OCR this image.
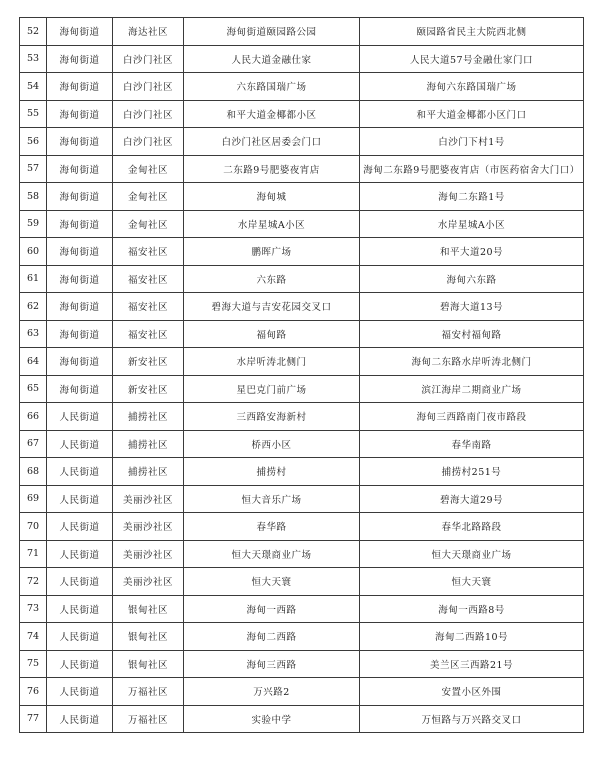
52	海甸街道	海达社区	海甸街道颐园路公园	颐园路省民主大院西北侧
53	海甸街道	白沙门社区	人民大道金融仕家	人民大道57号金融仕家门口
54	海甸街道	白沙门社区	六东路国瑞广场	海甸六东路国瑞广场
55	海甸街道	白沙门社区	和平大道金椰都小区	和平大道金椰都小区门口
56	海甸街道	白沙门社区	白沙门社区居委会门口	白沙门下村1号
57	海甸街道	金甸社区	二东路9号肥婆夜宵店	海甸二东路9号肥婆夜宵店（市医药宿舍大门口）
58	海甸街道	金甸社区	海甸城	海甸二东路1号
59	海甸街道	金甸社区	水岸星城A小区	水岸星城A小区
60	海甸街道	福安社区	鹏晖广场	和平大道20号
61	海甸街道	福安社区	六东路	海甸六东路
62	海甸街道	福安社区	碧海大道与吉安花园交叉口	碧海大道13号
63	海甸街道	福安社区	福甸路	福安村福甸路
64	海甸街道	新安社区	水岸听涛北侧门	海甸二东路水岸听涛北侧门
65	海甸街道	新安社区	星巴克门前广场	滨江海岸二期商业广场
66	人民街道	捕捞社区	三西路安海新村	海甸三西路南门夜市路段
67	人民街道	捕捞社区	桥西小区	春华南路
68	人民街道	捕捞社区	捕捞村	捕捞村251号
69	人民街道	美丽沙社区	恒大音乐广场	碧海大道29号
70	人民街道	美丽沙社区	春华路	春华北路路段
71	人民街道	美丽沙社区	恒大天璟商业广场	恒大天璟商业广场
72	人民街道	美丽沙社区	恒大天寰	恒大天寰
73	人民街道	银甸社区	海甸一西路	海甸一西路8号
74	人民街道	银甸社区	海甸二西路	海甸二西路10号
75	人民街道	银甸社区	海甸三西路	美兰区三西路21号
76	人民街道	万福社区	万兴路2	安置小区外围
77	人民街道	万福社区	实验中学	万恒路与万兴路交叉口
